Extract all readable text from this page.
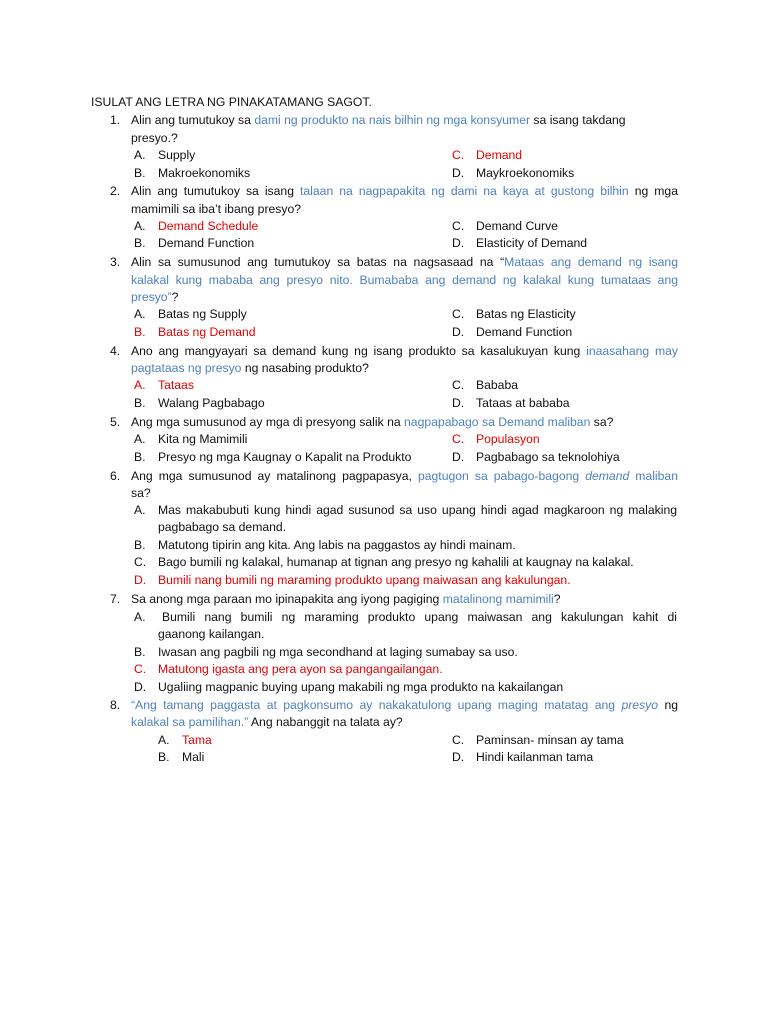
ISULAT ANG LETRA NG PINAKATAMANG SAGOT.
1. Alin ang tumutukoy sa dami ng produkto na nais bilhin ng mga konsyumer sa isang takdang
presyo.?
A. Supply
B. Makroekonomiks
C. Demand
D. Maykroekonomiks
2. Alin ang tumutukoy sa isang talaan na nagpapakita ng dami na kaya at gustong bilhin ng mga
mamimili sa iba’t ibang presyo?
A. Demand Schedule
B. Demand Function
C. Demand Curve
D. Elasticity of Demand
3. Alin sa sumusunod ang tumutukoy sa batas na nagsasaad na “Mataas ang demand ng isang
kalakal kung mababa ang presyo nito. Bumababa ang demand ng kalakal kung tumataas ang
presyo”?
A. Batas ng Supply
B. Batas ng Demand
C. Batas ng Elasticity
D. Demand Function
4. Ano ang mangyayari sa demand kung ng isang produkto sa kasalukuyan kung inaasahang may
pagtataas ng presyo ng nasabing produkto?
A. Tataas
B. Walang Pagbabago
C. Bababa
D. Tataas at bababa
5. Ang mga sumusunod ay mga di presyong salik na nagpapabago sa Demand maliban sa?
A. Kita ng Mamimili
B. Presyo ng mga Kaugnay o Kapalit na Produkto
C. Populasyon
D. Pagbabago sa teknolohiya
6. Ang mga sumusunod ay matalinong pagpapasya, pagtugon sa pabago-bagong demand maliban
sa?
A. Mas makabubuti kung hindi agad susunod sa uso upang hindi agad magkaroon ng malaking
pagbabago sa demand.
B. Matutong tipirin ang kita. Ang labis na paggastos ay hindi mainam.
C. Bago bumili ng kalakal, humanap at tignan ang presyo ng kahalili at kaugnay na kalakal.
D. Bumili nang bumili ng maraming produkto upang maiwasan ang kakulungan.
7. Sa anong mga paraan mo ipinapakita ang iyong pagiging matalinong mamimili?
A. Bumili nang bumili ng maraming produkto upang maiwasan ang kakulungan kahit di
gaanong kailangan.
B. Iwasan ang pagbili ng mga secondhand at laging sumabay sa uso.
C. Matutong igasta ang pera ayon sa pangangailangan.
D. Ugaliing magpanic buying upang makabili ng mga produkto na kakailangan
8. “Ang tamang paggasta at pagkonsumo ay nakakatulong upang maging matatag ang presyo ng
kalakal sa pamilihan.” Ang nabanggit na talata ay?
A. Tama
B. Mali
C. Paminsan- minsan ay tama
D. Hindi kailanman tama
